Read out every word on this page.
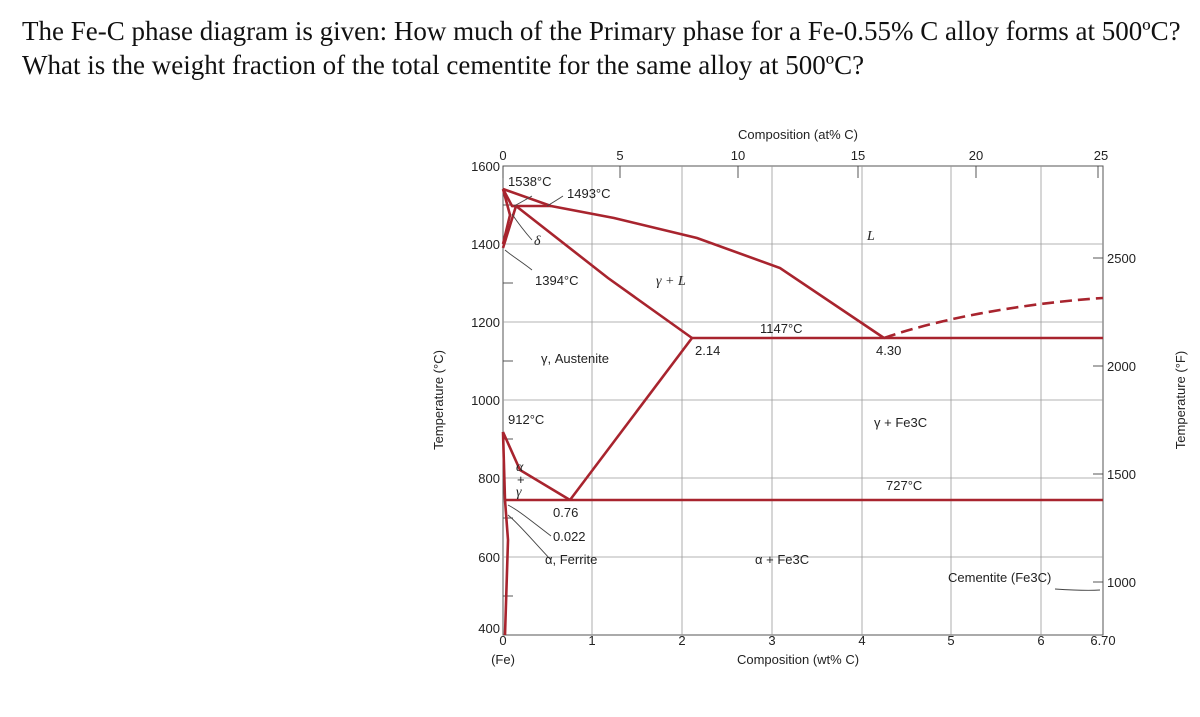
The Fe-C phase diagram is given: How much of the Primary phase for a Fe-0.55% C alloy forms at 500ºC? What is the weight fraction of the total cementite for the same alloy at 500ºC?
1600
1400
1200
1000
800
600
400
2500
2000
1500
1000
Composition (at% C)
0	5	10	15	20	25
0	1	2	3	4	5	6	6.70
(Fe)	Composition (wt% C)
Temperature (°C)	Temperature (°F)
1538°C
1493°C
δ
1394°C	γ + L
L
1147°C
2.14	4.30
γ, Austenite
912°C	γ + Fe3C
α
+
γ	727°C
0.76
0.022
α, Ferrite	α + Fe3C
Cementite (Fe3C)
